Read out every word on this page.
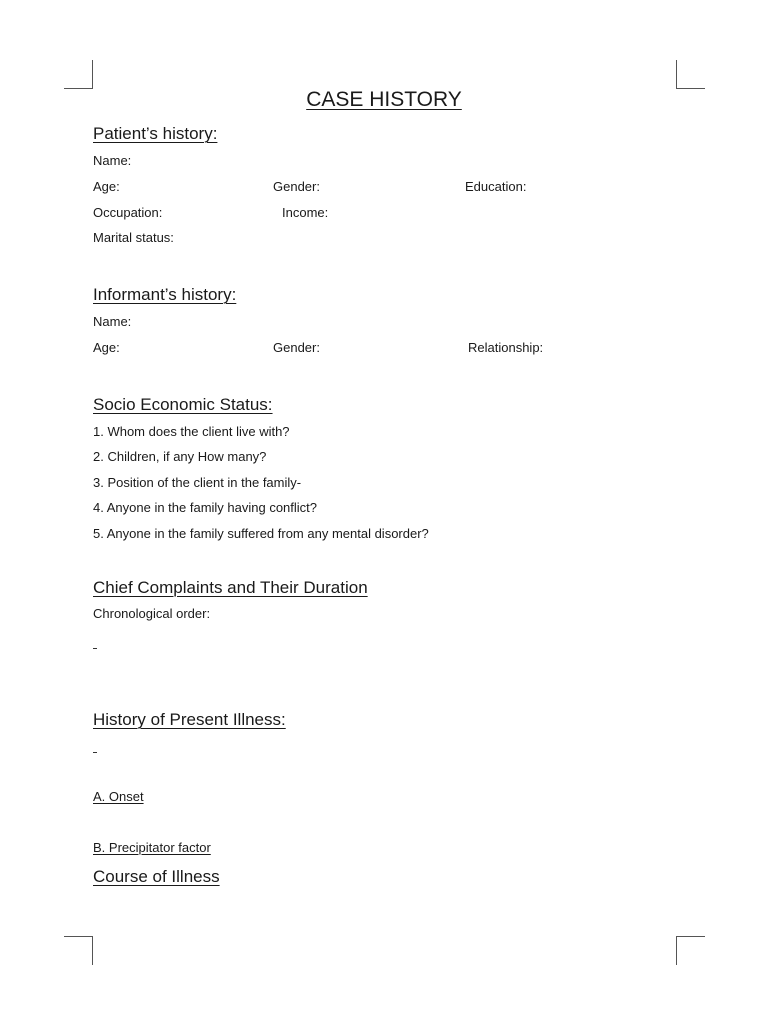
CASE HISTORY
Patient’s history:
Name:
Age:	Gender:	Education:
Occupation:	Income:
Marital status:
Informant’s history:
Name:
Age:	Gender:	Relationship:
Socio Economic Status:
1. Whom does the client live with?
2. Children, if any How many?
3. Position of the client in the family-
4. Anyone in the family having conflict?
5. Anyone in the family suffered from any mental disorder?
Chief Complaints and Their Duration
Chronological order:
History of Present Illness:
A. Onset
B. Precipitator factor
Course of Illness
